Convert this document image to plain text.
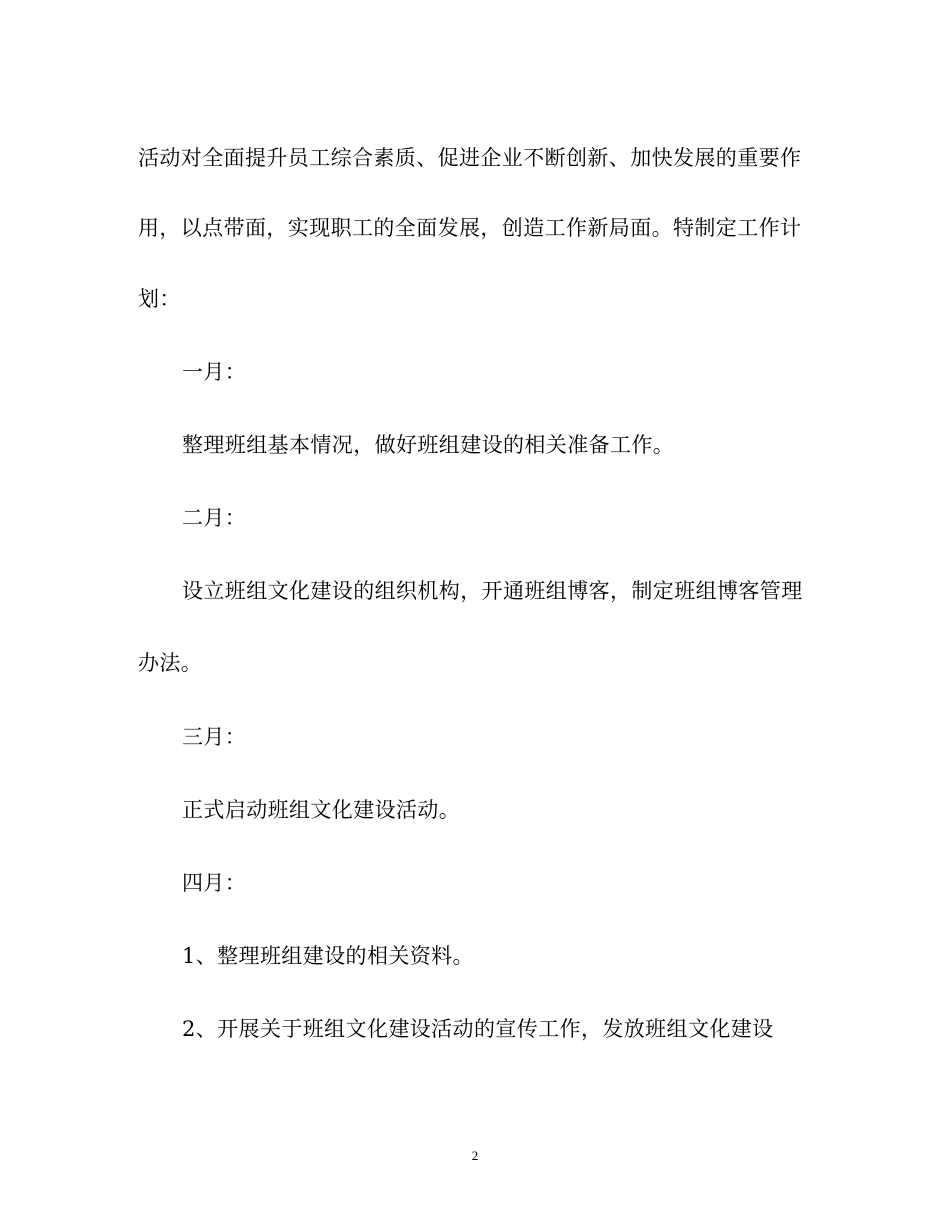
活动对全面提升员工综合素质、促进企业不断创新、加快发展的重要作
用，以点带面，实现职工的全面发展，创造工作新局面。特制定工作计
划：
一月：
整理班组基本情况，做好班组建设的相关准备工作。
二月：
设立班组文化建设的组织机构，开通班组博客，制定班组博客管理
办法。
三月：
正式启动班组文化建设活动。
四月：
1、整理班组建设的相关资料。
2、开展关于班组文化建设活动的宣传工作，发放班组文化建设
2
